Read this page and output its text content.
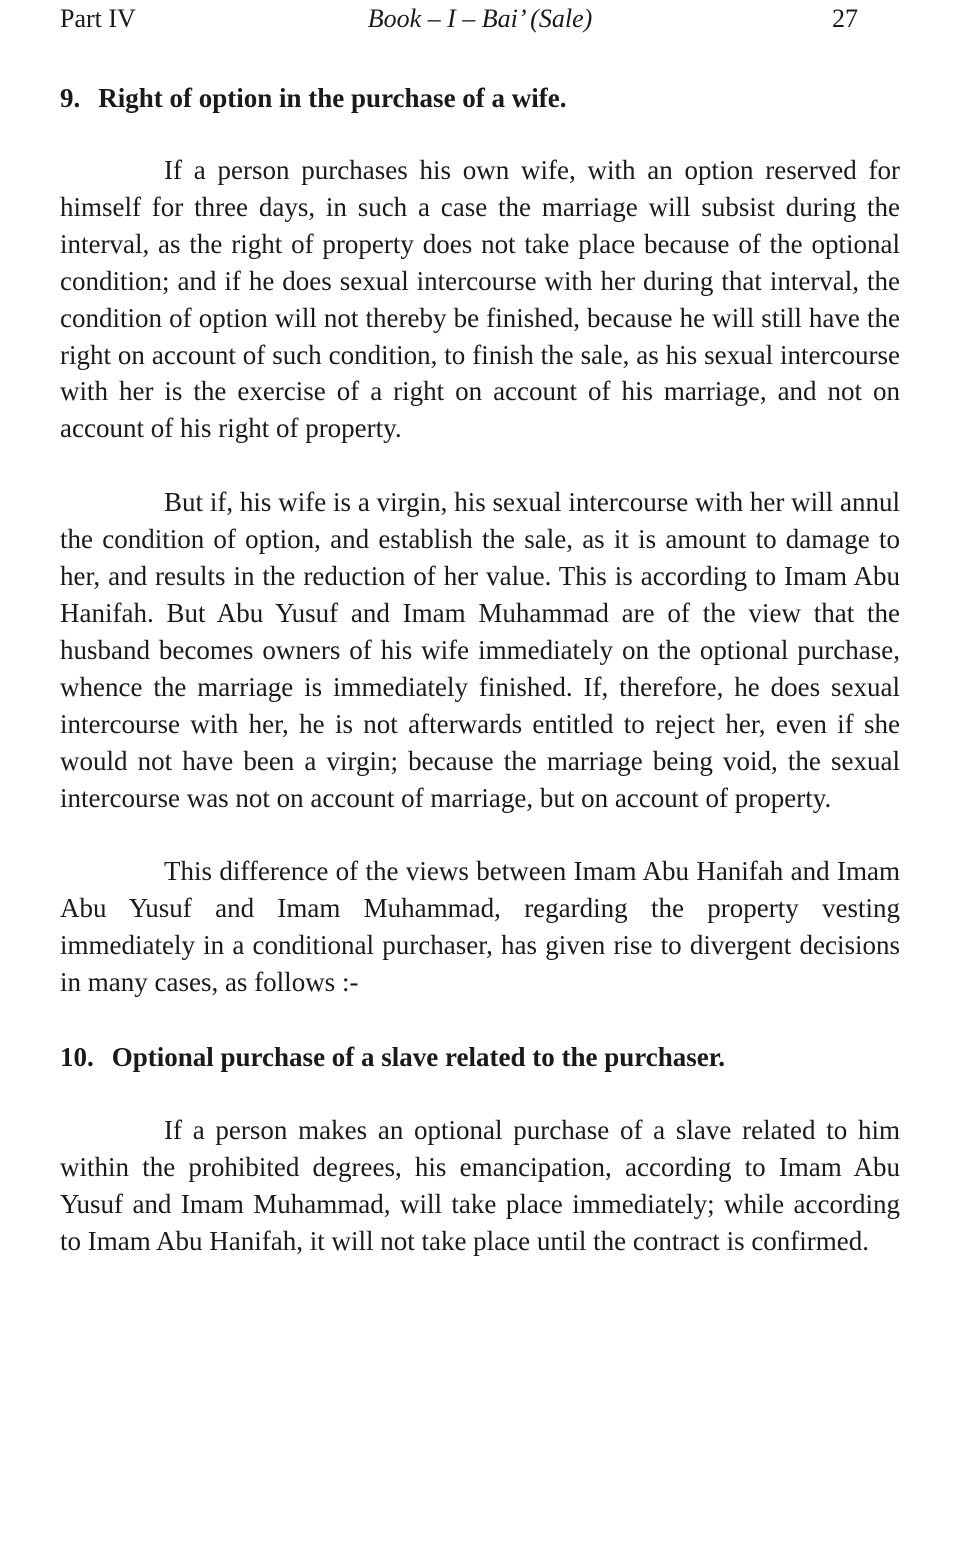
Part IV	Book – I – Bai’ (Sale)	27
9. Right of option in the purchase of a wife.

If a person purchases his own wife, with an option reserved for himself for three days, in such a case the marriage will subsist during the interval, as the right of property does not take place because of the optional condition; and if he does sexual intercourse with her during that interval, the condition of option will not thereby be finished, because he will still have the right on account of such condition, to finish the sale, as his sexual intercourse with her is the exercise of a right on account of his marriage, and not on account of his right of property.

But if, his wife is a virgin, his sexual intercourse with her will annul the condition of option, and establish the sale, as it is amount to damage to her, and results in the reduction of her value. This is according to Imam Abu Hanifah. But Abu Yusuf and Imam Muhammad are of the view that the husband becomes owners of his wife immediately on the optional purchase, whence the marriage is immediately finished. If, therefore, he does sexual intercourse with her, he is not afterwards entitled to reject her, even if she would not have been a virgin; because the marriage being void, the sexual intercourse was not on account of marriage, but on account of property.

This difference of the views between Imam Abu Hanifah and Imam Abu Yusuf and Imam Muhammad, regarding the property vesting immediately in a conditional purchaser, has given rise to divergent decisions in many cases, as follows :-

10. Optional purchase of a slave related to the purchaser.

If a person makes an optional purchase of a slave related to him within the prohibited degrees, his emancipation, according to Imam Abu Yusuf and Imam Muhammad, will take place immediately; while according to Imam Abu Hanifah, it will not take place until the contract is confirmed.
